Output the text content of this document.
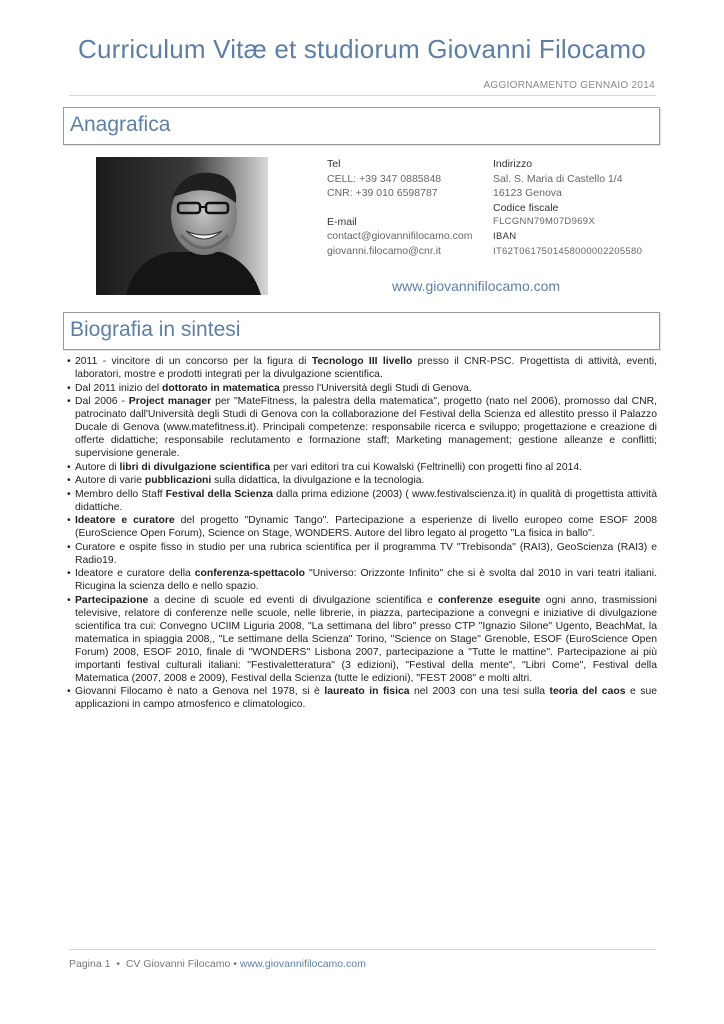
Curriculum Vitæ et studiorum Giovanni Filocamo
AGGIORNAMENTO GENNAIO 2014
Anagrafica
Tel
CELL: +39 347 0885848
CNR: +39 010 6598787
E-mail
contact@giovannifilocamo.com
giovanni.filocamo@cnr.it
Indirizzo
Sal. S. Maria di Castello 1/4
16123 Genova
Codice fiscale
FLCGNN79M07D969X
IBAN
IT62T0617501458000002205580
www.giovannifilocamo.com
Biografia in sintesi
• 2011 - vincitore di un concorso per la figura di Tecnologo III livello presso il CNR-PSC. Progettista di attività, eventi, laboratori, mostre e prodotti integrati per la divulgazione scientifica.
• Dal 2011 inizio del dottorato in matematica presso l'Università degli Studi di Genova.
• Dal 2006 - Project manager per "MateFitness, la palestra della matematica", progetto (nato nel 2006), promosso dal CNR, patrocinato dall'Università degli Studi di Genova con la collaborazione del Festival della Scienza ed allestito presso il Palazzo Ducale di Genova (www.matefitness.it). Principali competenze: responsabile ricerca e sviluppo; progettazione e creazione di offerte didattiche; responsabile reclutamento e formazione staff; Marketing management; gestione alleanze e conflitti; supervisione generale.
• Autore di libri di divulgazione scientifica per vari editori tra cui Kowalski (Feltrinelli) con progetti fino al 2014.
• Autore di varie pubblicazioni sulla didattica, la divulgazione e la tecnologia.
• Membro dello Staff Festival della Scienza dalla prima edizione (2003) ( www.festivalscienza.it) in qualità di progettista attività didattiche.
• Ideatore e curatore del progetto "Dynamic Tango". Partecipazione a esperienze di livello europeo come ESOF 2008 (EuroScience Open Forum), Science on Stage, WONDERS. Autore del libro legato al progetto "La fisica in ballo".
• Curatore e ospite fisso in studio per una rubrica scientifica per il programma TV "Trebisonda" (RAI3), GeoScienza (RAI3) e Radio19.
• Ideatore e curatore della conferenza-spettacolo "Universo: Orizzonte Infinito" che si è svolta dal 2010 in vari teatri italiani. Ricugina la scienza dello e nello spazio.
• Partecipazione a decine di scuole ed eventi di divulgazione scientifica e conferenze eseguite ogni anno, trasmissioni televisive, relatore di conferenze nelle scuole, nelle librerie, in piazza, partecipazione a convegni e iniziative di divulgazione scientifica tra cui: Convegno UCIIM Liguria 2008, "La settimana del libro" presso CTP "Ignazio Silone" Ugento, BeachMat, la matematica in spiaggia 2008,, "Le settimane della Scienza" Torino, "Science on Stage" Grenoble, ESOF (EuroScience Open Forum) 2008, ESOF 2010, finale di "WONDERS" Lisbona 2007, partecipazione a "Tutte le mattine". Partecipazione ai più importanti festival culturali italiani: "Festivaletteratura" (3 edizioni), "Festival della mente", "Libri Come", Festival della Matematica (2007, 2008 e 2009), Festival della Scienza (tutte le edizioni), "FEST 2008" e molti altri.
• Giovanni Filocamo è nato a Genova nel 1978, si è laureato in fisica nel 2003 con una tesi sulla teoria del caos e sue applicazioni in campo atmosferico e climatologico.
Pagina 1 • CV Giovanni Filocamo • www.giovannifilocamo.com
